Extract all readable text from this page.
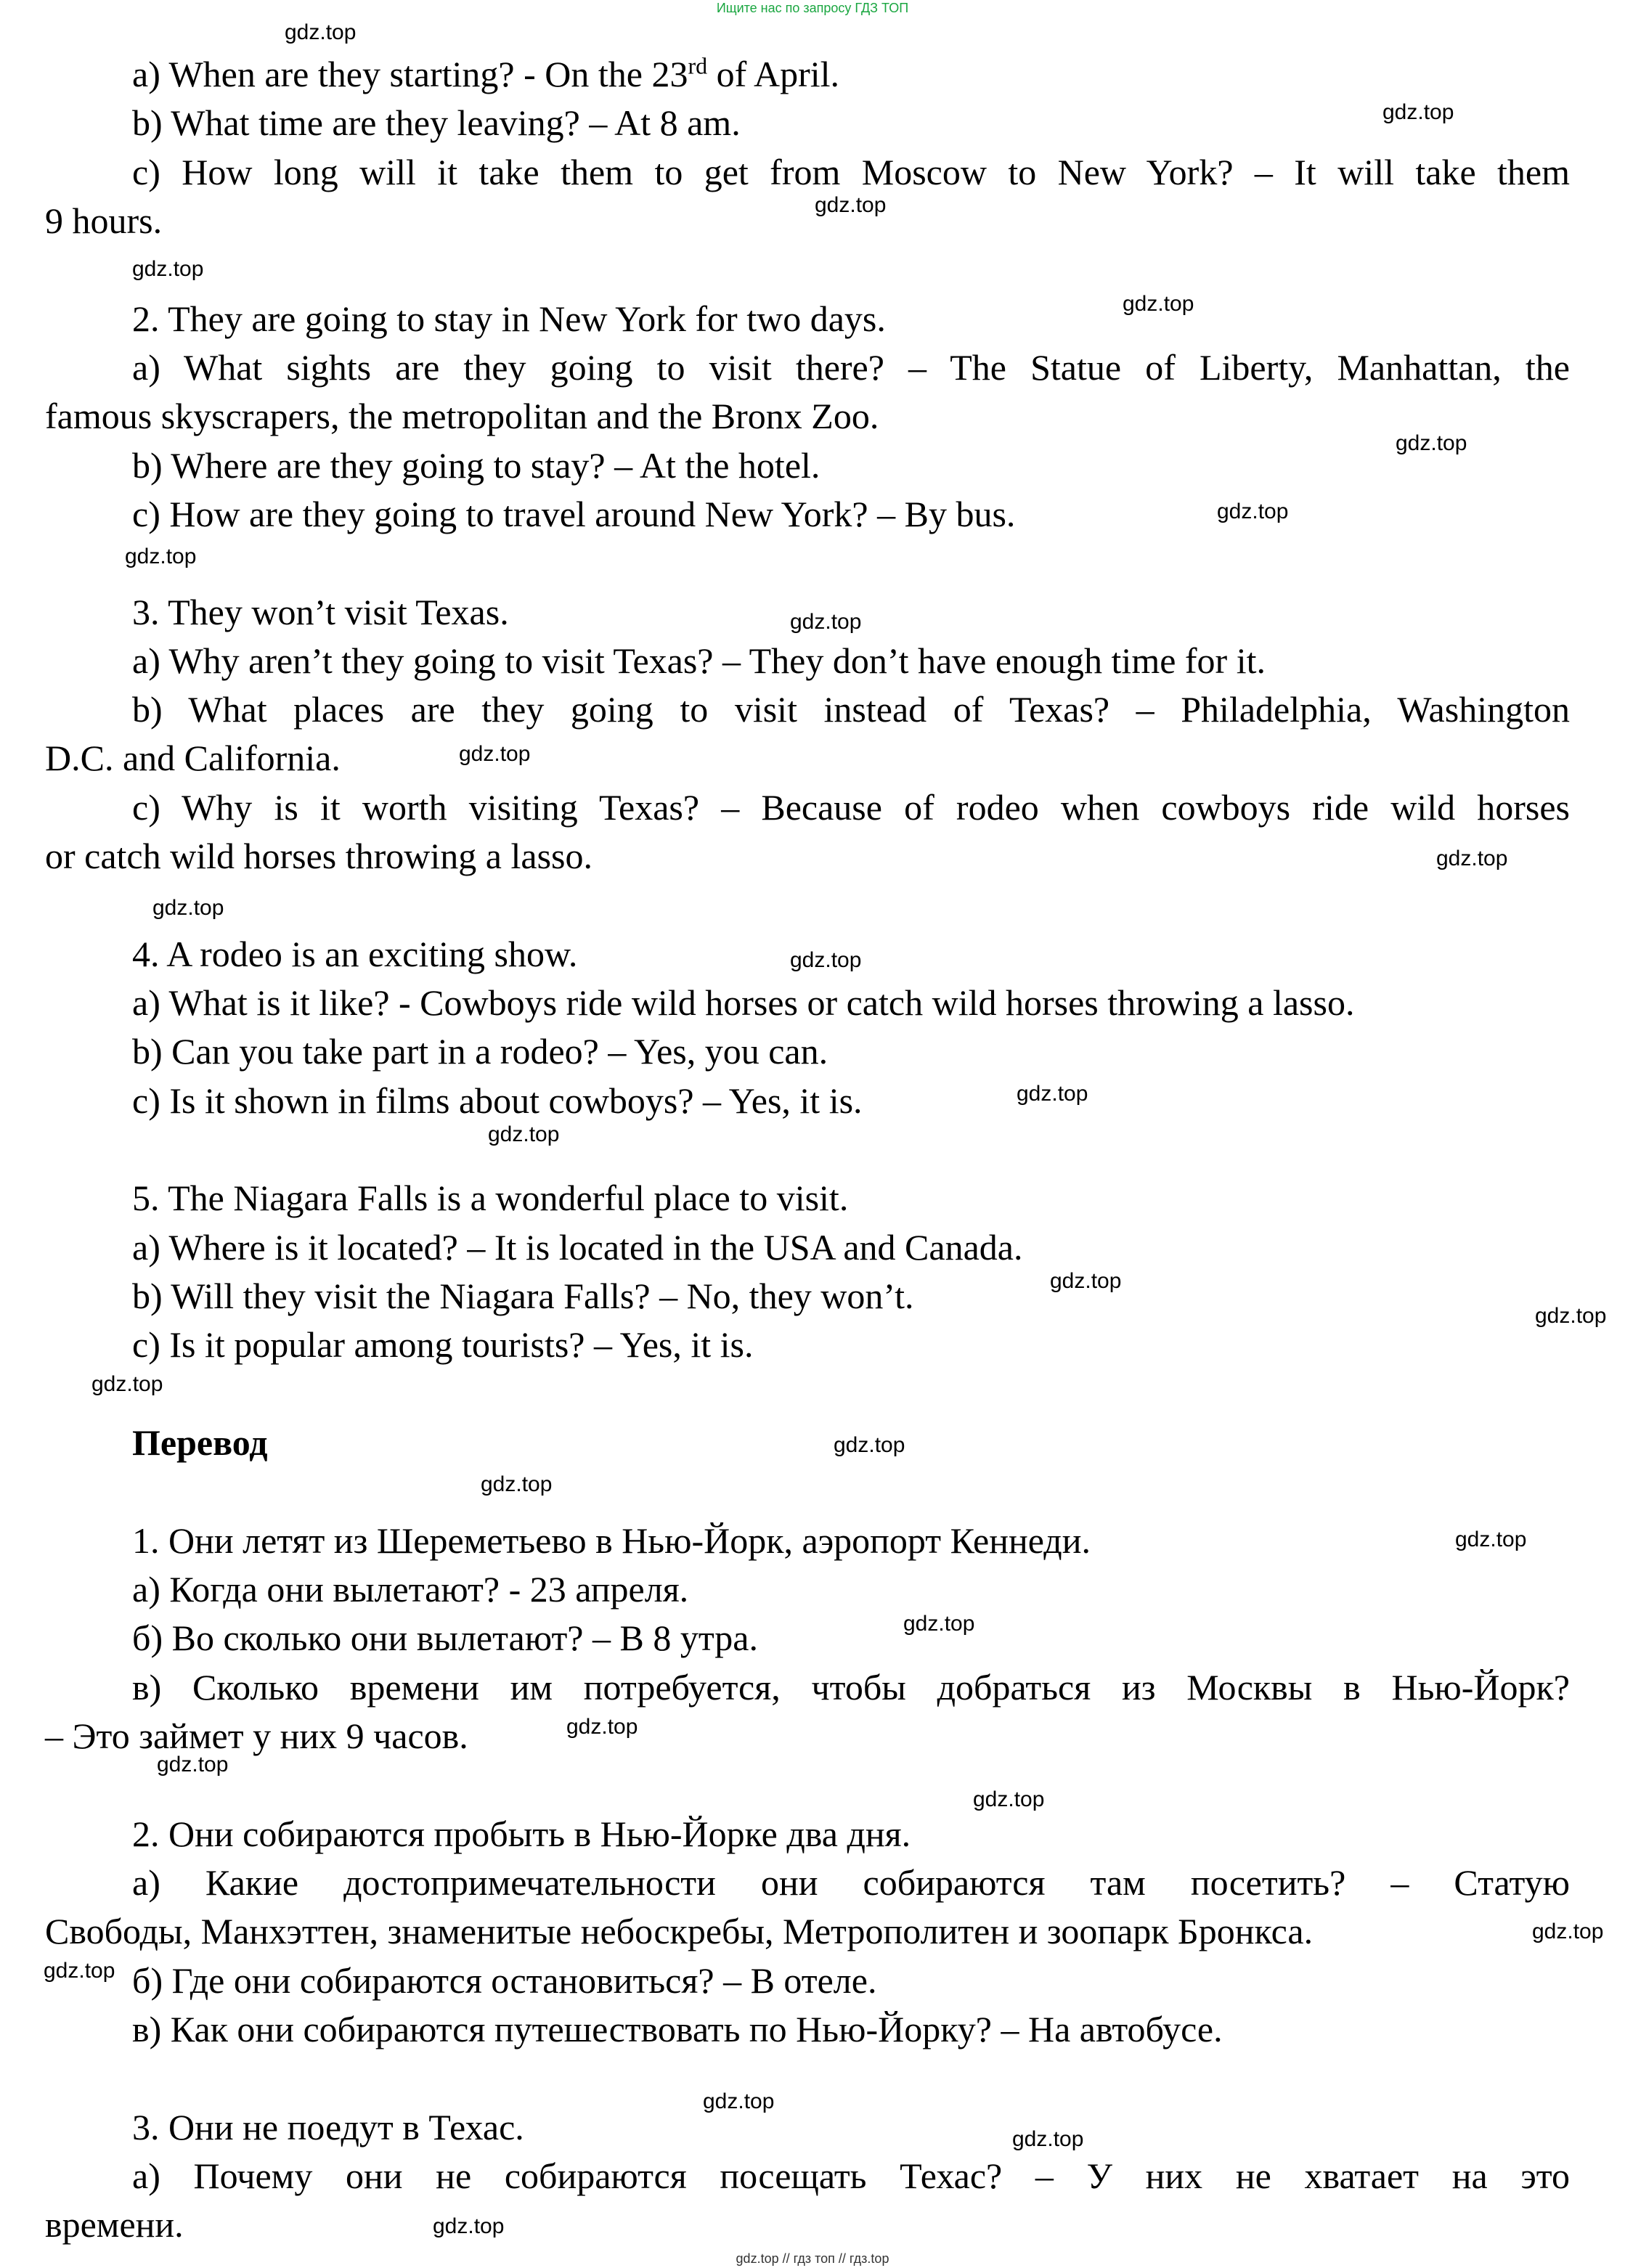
Ищите нас по запросу ГДЗ ТОП
a) When are they starting? - On the 23rd of April.
b) What time are they leaving? – At 8 am.
c) How long will it take them to get from Moscow to New York? – It will take them
9 hours.
2. They are going to stay in New York for two days.
a) What sights are they going to visit there? – The Statue of Liberty, Manhattan, the
famous skyscrapers, the metropolitan and the Bronx Zoo.
b) Where are they going to stay? – At the hotel.
c) How are they going to travel around New York? – By bus.
3. They won’t visit Texas.
a) Why aren’t they going to visit Texas? – They don’t have enough time for it.
b) What places are they going to visit instead of Texas? – Philadelphia, Washington
D.C. and California.
c) Why is it worth visiting Texas? – Because of rodeo when cowboys ride wild horses
or catch wild horses throwing a lasso.
4. A rodeo is an exciting show.
a) What is it like? - Cowboys ride wild horses or catch wild horses throwing a lasso.
b) Can you take part in a rodeo? – Yes, you can.
c) Is it shown in films about cowboys? – Yes, it is.
5. The Niagara Falls is a wonderful place to visit.
a) Where is it located? – It is located in the USA and Canada.
b) Will they visit the Niagara Falls? – No, they won’t.
c) Is it popular among tourists? – Yes, it is.
Перевод
1. Они летят из Шереметьево в Нью-Йорк, аэропорт Кеннеди.
а) Когда они вылетают? - 23 апреля.
б) Во сколько они вылетают? – В 8 утра.
в) Сколько времени им потребуется, чтобы добраться из Москвы в Нью-Йорк?
– Это займет у них 9 часов.
2. Они собираются пробыть в Нью-Йорке два дня.
а) Какие достопримечательности они собираются там посетить? – Статую
Свободы, Манхэттен, знаменитые небоскребы, Метрополитен и зоопарк Бронкса.
б) Где они собираются остановиться? – В отеле.
в) Как они собираются путешествовать по Нью-Йорку? – На автобусе.
3. Они не поедут в Техас.
а) Почему они не собираются посещать Техас? – У них не хватает на это
времени.
gdz.top
gdz.top
gdz.top
gdz.top
gdz.top
gdz.top
gdz.top
gdz.top
gdz.top
gdz.top
gdz.top
gdz.top
gdz.top
gdz.top
gdz.top
gdz.top
gdz.top
gdz.top
gdz.top
gdz.top
gdz.top
gdz.top
gdz.top
gdz.top
gdz.top
gdz.top
gdz.top
gdz.top
gdz.top
gdz.top
gdz.top // гдз топ // гдз.top
